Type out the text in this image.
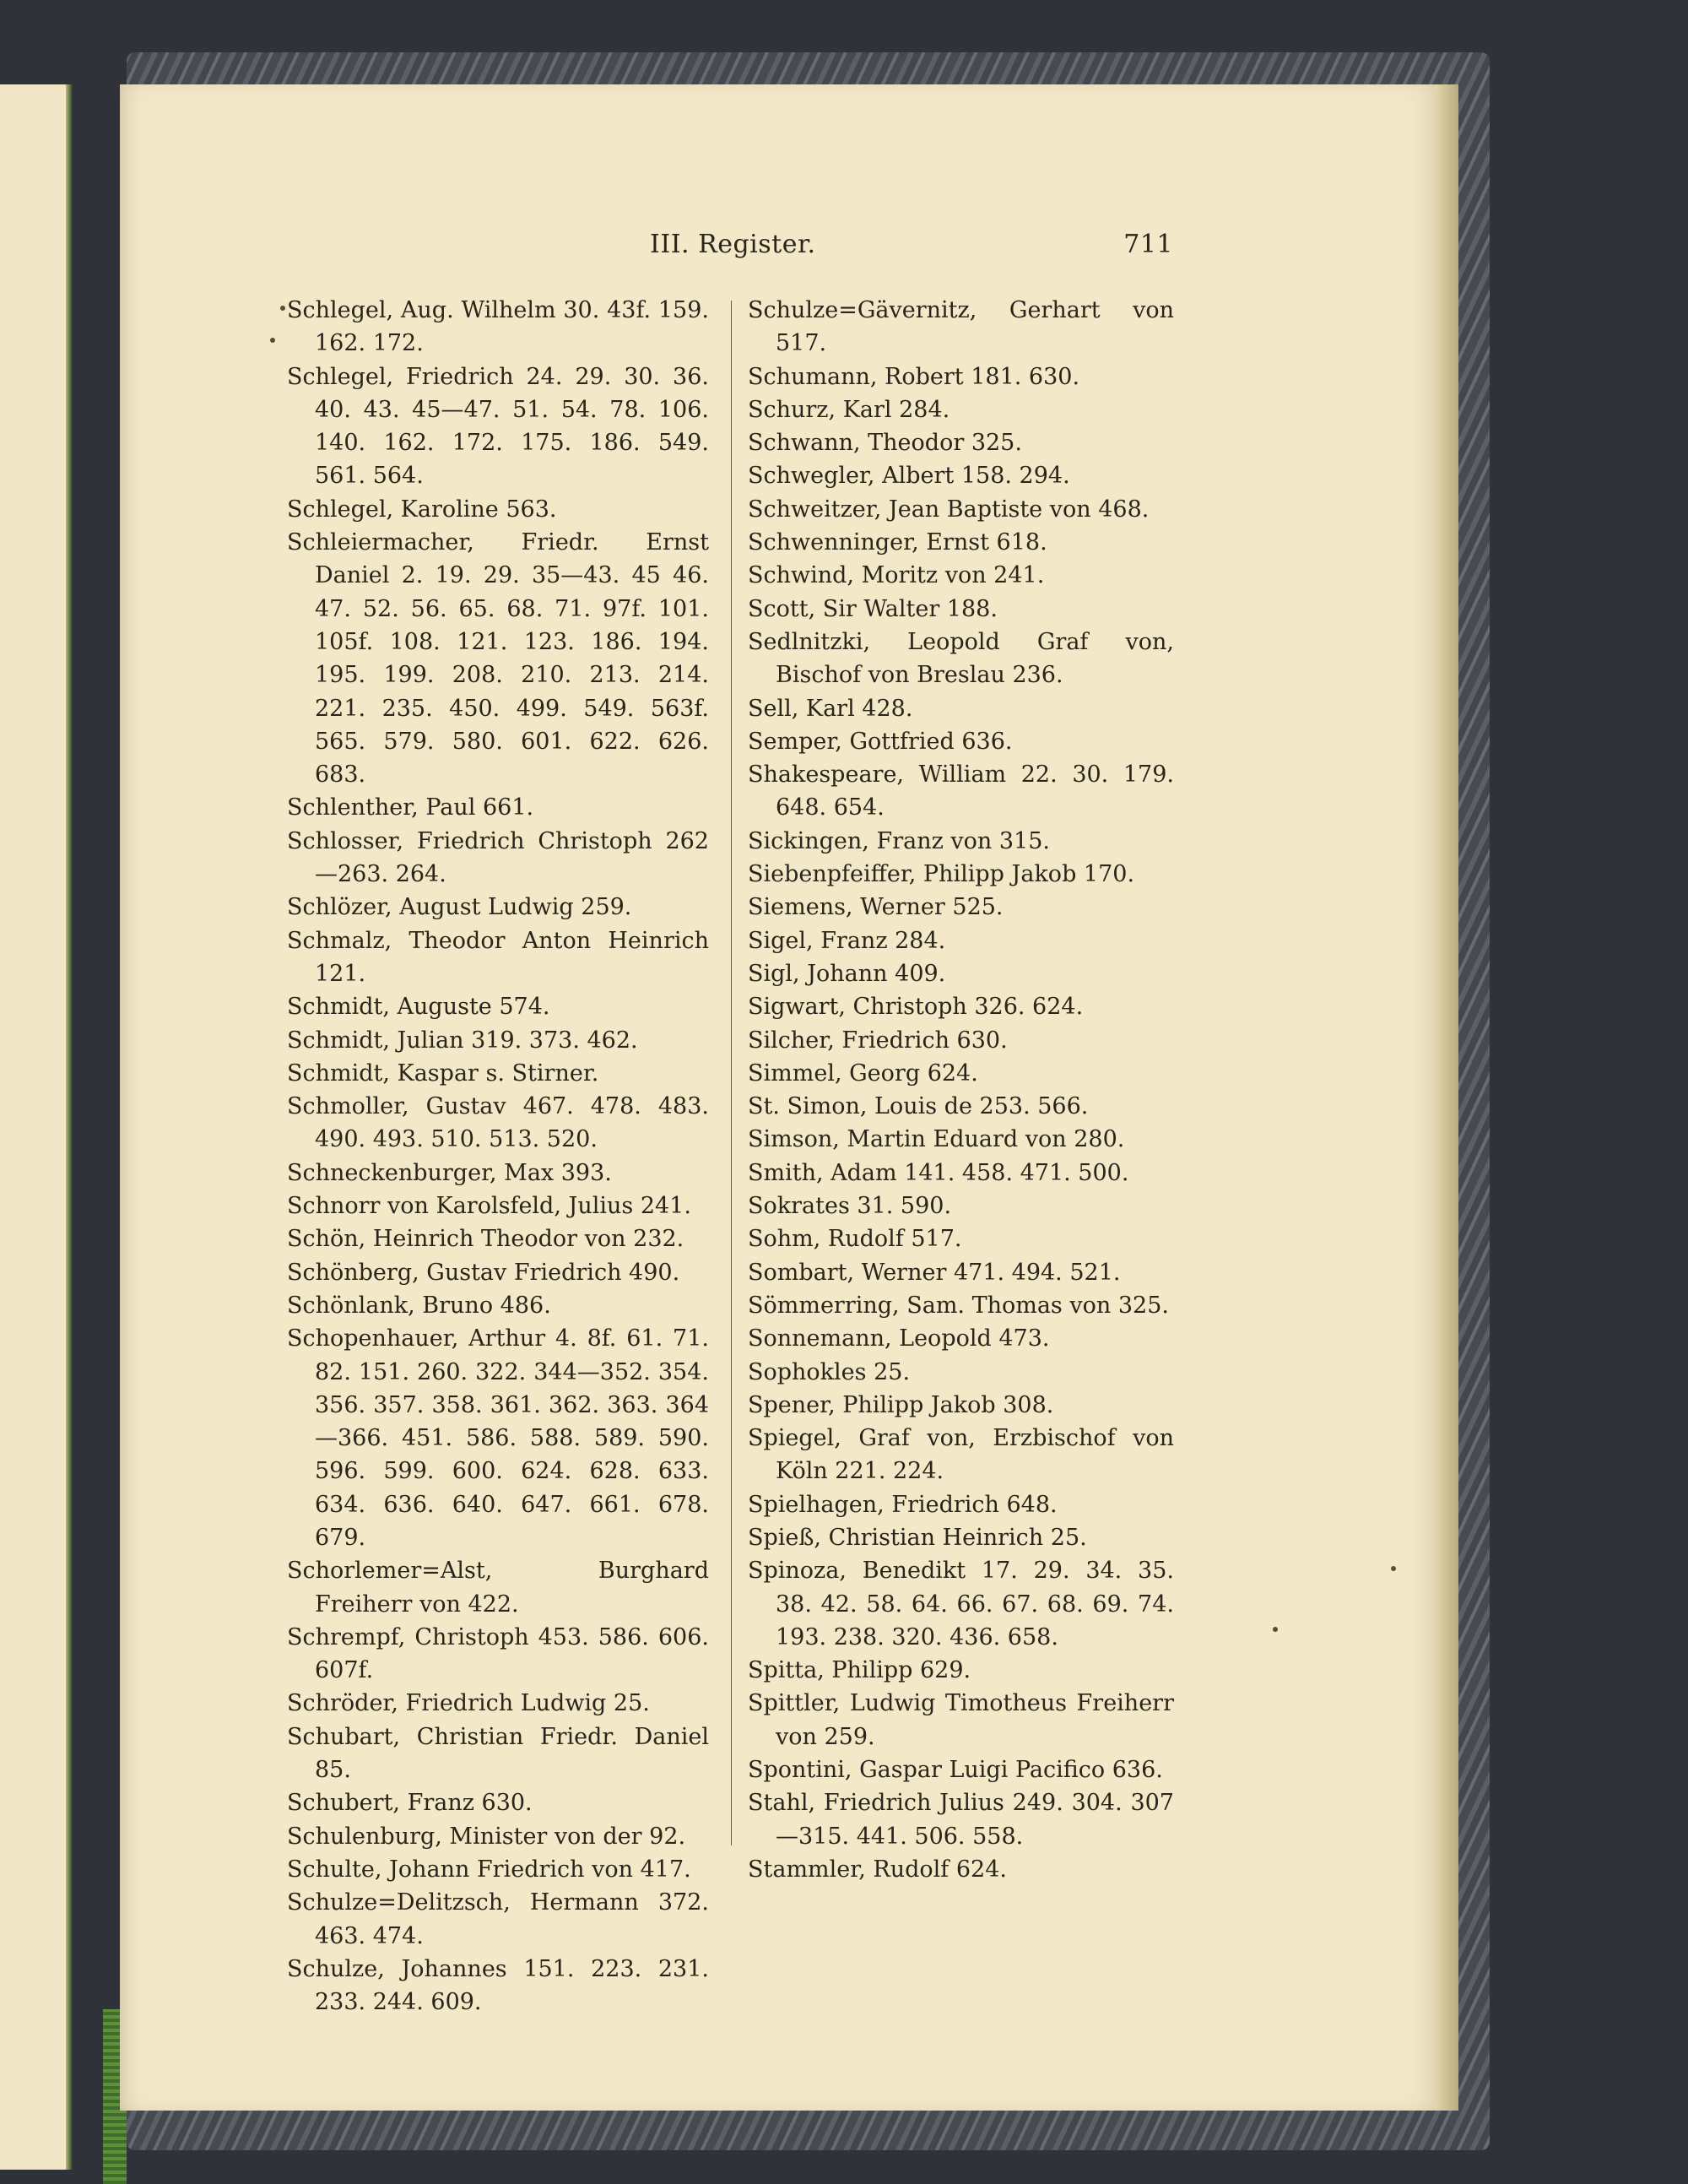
III. Register.	711

Schlegel, Aug. Wilhelm 30. 43f. 159. 162. 172.

Schlegel, Friedrich 24. 29. 30. 36. 40. 43. 45—47. 51. 54. 78. 106. 140. 162. 172. 175. 186. 549. 561. 564.

Schlegel, Karoline 563.

Schleiermacher, Friedr. Ernst Daniel 2. 19. 29. 35—43. 45 46. 47. 52. 56. 65. 68. 71. 97f. 101. 105f. 108. 121. 123. 186. 194. 195. 199. 208. 210. 213. 214. 221. 235. 450. 499. 549. 563f. 565. 579. 580. 601. 622. 626. 683.

Schlenther, Paul 661.

Schlosser, Friedrich Christoph 262—263. 264.

Schlözer, August Ludwig 259.

Schmalz, Theodor Anton Heinrich 121.

Schmidt, Auguste 574.

Schmidt, Julian 319. 373. 462.

Schmidt, Kaspar s. Stirner.

Schmoller, Gustav 467. 478. 483. 490. 493. 510. 513. 520.

Schneckenburger, Max 393.

Schnorr von Karolsfeld, Julius 241.

Schön, Heinrich Theodor von 232.

Schönberg, Gustav Friedrich 490.

Schönlank, Bruno 486.

Schopenhauer, Arthur 4. 8f. 61. 71. 82. 151. 260. 322. 344—352. 354. 356. 357. 358. 361. 362. 363. 364—366. 451. 586. 588. 589. 590. 596. 599. 600. 624. 628. 633. 634. 636. 640. 647. 661. 678. 679.

Schorlemer=Alst, Burghard Freiherr von 422.

Schrempf, Christoph 453. 586. 606. 607f.

Schröder, Friedrich Ludwig 25.

Schubart, Christian Friedr. Daniel 85.

Schubert, Franz 630.

Schulenburg, Minister von der 92.

Schulte, Johann Friedrich von 417.

Schulze=Delitzsch, Hermann 372. 463. 474.

Schulze, Johannes 151. 223. 231. 233. 244. 609.

Schulze=Gävernitz, Gerhart von 517.

Schumann, Robert 181. 630.

Schurz, Karl 284.

Schwann, Theodor 325.

Schwegler, Albert 158. 294.

Schweitzer, Jean Baptiste von 468.

Schwenninger, Ernst 618.

Schwind, Moritz von 241.

Scott, Sir Walter 188.

Sedlnitzki, Leopold Graf von, Bischof von Breslau 236.

Sell, Karl 428.

Semper, Gottfried 636.

Shakespeare, William 22. 30. 179. 648. 654.

Sickingen, Franz von 315.

Siebenpfeiffer, Philipp Jakob 170.

Siemens, Werner 525.

Sigel, Franz 284.

Sigl, Johann 409.

Sigwart, Christoph 326. 624.

Silcher, Friedrich 630.

Simmel, Georg 624.

St. Simon, Louis de 253. 566.

Simson, Martin Eduard von 280.

Smith, Adam 141. 458. 471. 500.

Sokrates 31. 590.

Sohm, Rudolf 517.

Sombart, Werner 471. 494. 521.

Sömmerring, Sam. Thomas von 325.

Sonnemann, Leopold 473.

Sophokles 25.

Spener, Philipp Jakob 308.

Spiegel, Graf von, Erzbischof von Köln 221. 224.

Spielhagen, Friedrich 648.

Spieß, Christian Heinrich 25.

Spinoza, Benedikt 17. 29. 34. 35. 38. 42. 58. 64. 66. 67. 68. 69. 74. 193. 238. 320. 436. 658.

Spitta, Philipp 629.

Spittler, Ludwig Timotheus Freiherr von 259.

Spontini, Gaspar Luigi Pacifico 636.

Stahl, Friedrich Julius 249. 304. 307—315. 441. 506. 558.

Stammler, Rudolf 624.
